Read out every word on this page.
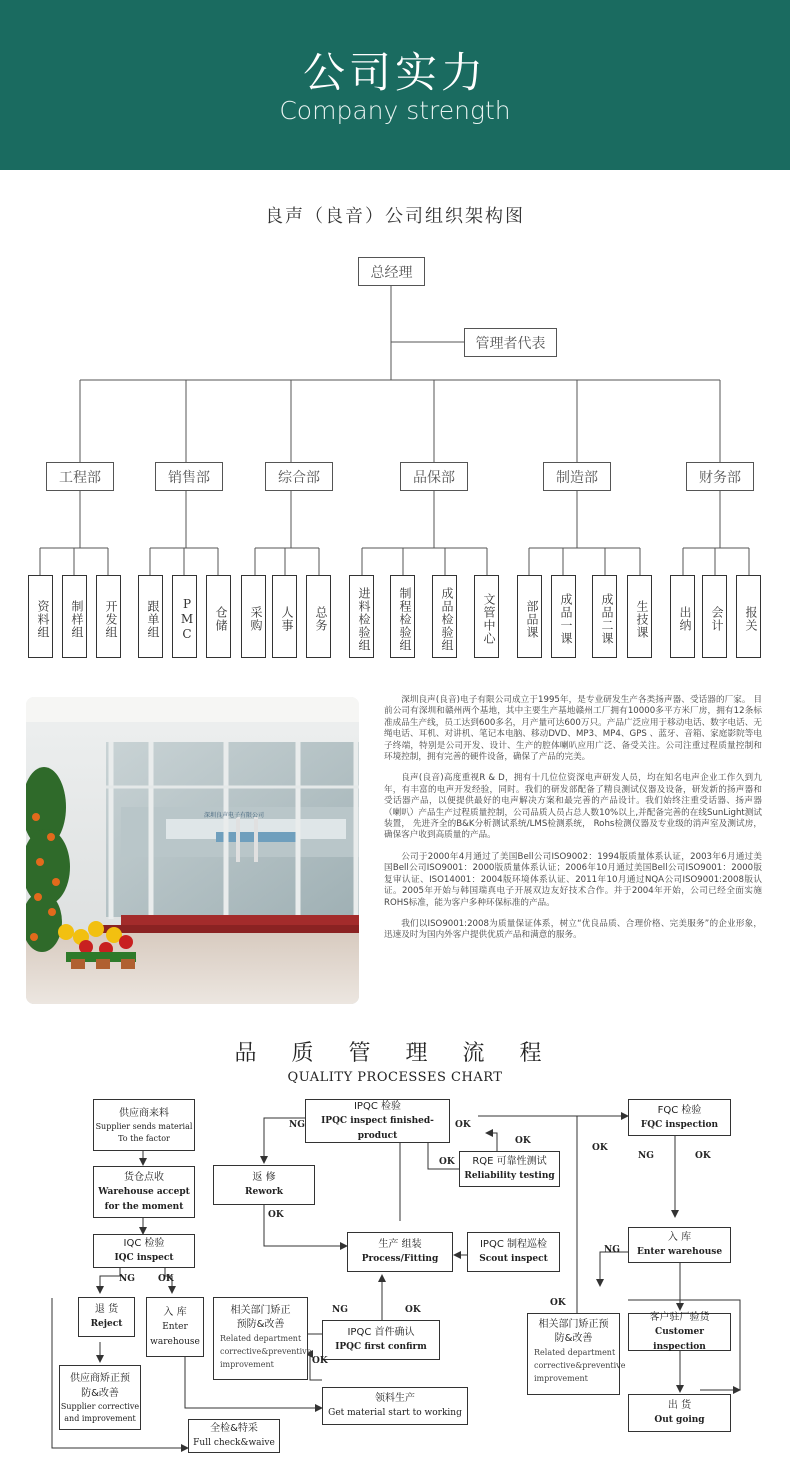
公司实力
Company strength
良声（良音）公司组织架构图
总经理
管理者代表
工程部	销售部	综合部	品保部	制造部	财务部
资料组	制样组	开发组	跟单组	PMC	仓储	采购	人事	总务	进料检验组	制程检验组	成品检验组	文管中心	部品课	成品一课	成品二课	生技课	出纳	会计	报关
深圳良声电子有限公司

深圳良声(良音)电子有限公司成立于1995年，是专业研发生产各类扬声器、受话器的厂家。 目前公司有深圳和赣州两个基地，其中主要生产基地赣州工厂拥有10000多平方米厂房，拥有12条标准成品生产线，员工达到600多名，月产量可达600万只。产品广泛应用于移动电话、数字电话、无绳电话、耳机、对讲机、笔记本电脑、移动DVD、MP3、MP4、GPS 、蓝牙、音箱、家庭影院等电子终端，特别是公司开发、设计、生产的腔体喇叭应用广泛、备受关注。公司注重过程质量控制和环境控制，拥有完善的硬件设备，确保了产品的完美。

良声(良音)高度重视R & D，拥有十几位位资深电声研发人员，均在知名电声企业工作久到九年，有丰富的电声开发经验，同时。我们的研发部配备了精良测试仪器及设备，研发新的扬声器和受话器产品，以便提供最好的电声解决方案和最完善的产品设计。我们始终注重受话器、扬声器（喇叭）产品生产过程质量控制，公司品质人员占总人数10%以上,并配备完善的在线SunLight测试装置， 先进齐全的B&K分析测试系统/LMS检测系统， Rohs检测仪器及专业级的消声室及测试房，确保客户收到高质量的产品。

公司于2000年4月通过了美国Bell公司ISO9002：1994版质量体系认证，2003年6月通过美国Bell公司ISO9001：2000版质量体系认证；2006年10月通过美国Bell公司ISO9001：2000版复审认证、ISO14001：2004版环境体系认证、2011年10月通过NQA公司ISO9001:2008版认证。2005年开始与韩国瑞真电子开展双边友好技术合作。并于2004年开始，公司已经全面实施ROHS标准，能为客户多种环保标准的产品。

我们以ISO9001:2008为质量保证体系，树立“优良品质、合理价格、完美服务”的企业形象，迅速及时为国内外客户提供优质产品和满意的服务。

品 质 管 理 流 程
QUALITY PROCESSES CHART
供应商来料
Supplier sends material To the factor
货仓点收
Warehouse accept for the moment
IQC 检验
IQC inspect
退 货
Reject
入 库
Enter warehouse
供应商矫正预防&改善
Supplier corrective and improvement
全检&特采
Full check&waive
IPQC 检验
IPQC inspect finished-product
返 修
Rework
RQE 可靠性测试
Reliability testing
生产 组装
Process/Fitting
IPQC 制程巡检
Scout inspect
相关部门矫正预防&改善
Related department corrective&preventive improvement
IPQC 首件确认
IPQC first confirm
领料生产
Get material start to working
FQC 检验
FQC inspection
入 库
Enter warehouse
相关部门矫正预防&改善
Related department corrective&preventive improvement
客户驻厂验货
Customer inspection
出 货
Out going
NG	OK
NG	OK
OK
OK
OK
NG	OK
OK
OK
NG	OK
NG
OK
